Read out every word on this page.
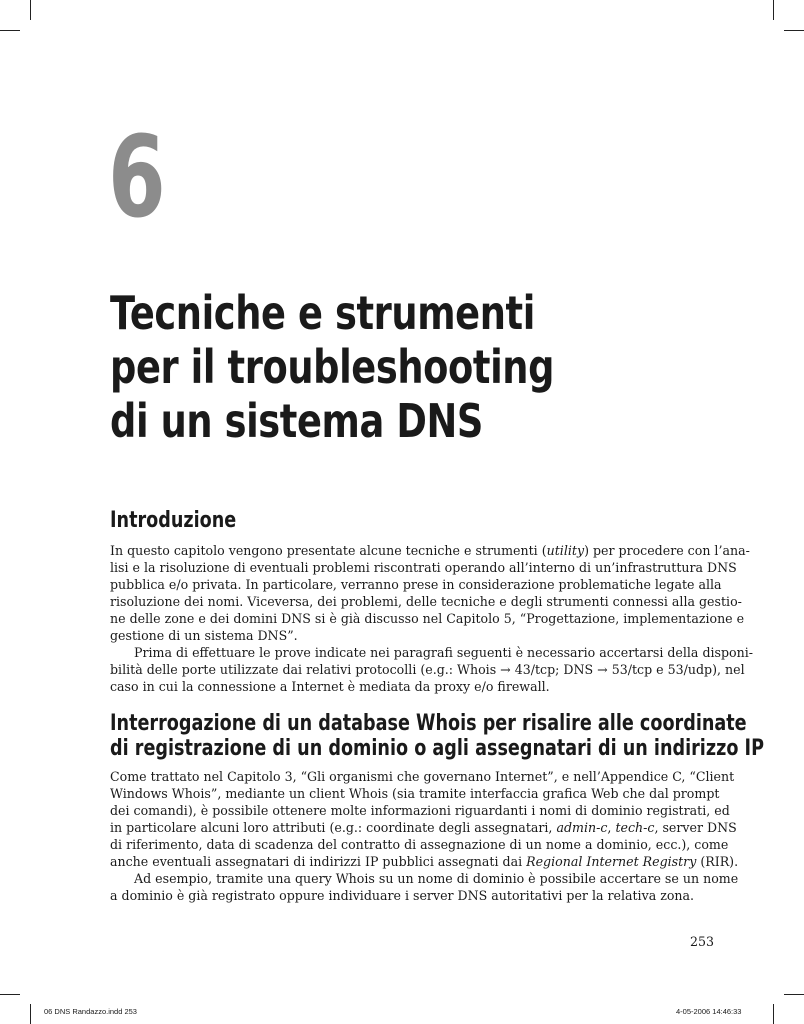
6
Tecniche e strumenti
per il troubleshooting
di un sistema DNS
Introduzione
In questo capitolo vengono presentate alcune tecniche e strumenti (utility) per procedere con l’ana-
lisi e la risoluzione di eventuali problemi riscontrati operando all’interno di un’infrastruttura DNS
pubblica e/o privata. In particolare, verranno prese in considerazione problematiche legate alla
risoluzione dei nomi. Viceversa, dei problemi, delle tecniche e degli strumenti connessi alla gestio-
ne delle zone e dei domini DNS si è già discusso nel Capitolo 5, “Progettazione, implementazione e
gestione di un sistema DNS”.
Prima di effettuare le prove indicate nei paragrafi seguenti è necessario accertarsi della disponi-
bilità delle porte utilizzate dai relativi protocolli (e.g.: Whois → 43/tcp; DNS → 53/tcp e 53/udp), nel
caso in cui la connessione a Internet è mediata da proxy e/o firewall.
Interrogazione di un database Whois per risalire alle coordinate
di registrazione di un dominio o agli assegnatari di un indirizzo IP
Come trattato nel Capitolo 3, “Gli organismi che governano Internet”, e nell’Appendice C, “Client
Windows Whois”, mediante un client Whois (sia tramite interfaccia grafica Web che dal prompt
dei comandi), è possibile ottenere molte informazioni riguardanti i nomi di dominio registrati, ed
in particolare alcuni loro attributi (e.g.: coordinate degli assegnatari, admin-c, tech-c, server DNS
di riferimento, data di scadenza del contratto di assegnazione di un nome a dominio, ecc.), come
anche eventuali assegnatari di indirizzi IP pubblici assegnati dai Regional Internet Registry (RIR).
Ad esempio, tramite una query Whois su un nome di dominio è possibile accertare se un nome
a dominio è già registrato oppure individuare i server DNS autoritativi per la relativa zona.
253
06 DNS Randazzo.indd 253	4-05-2006 14:46:33
